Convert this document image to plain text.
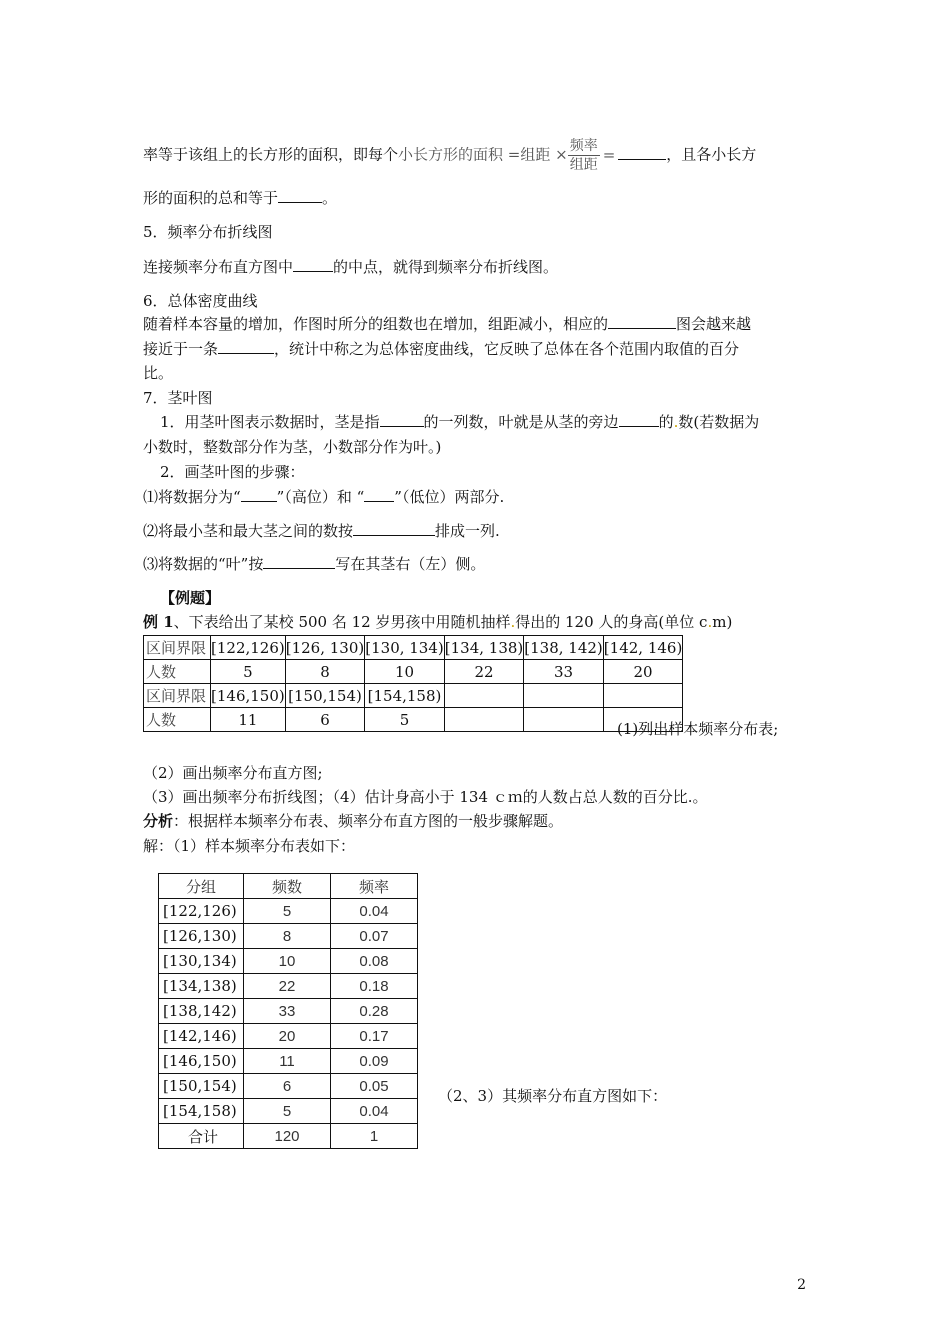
率等于该组上的长方形的面积，即每个小长方形的面积 =组距 × $\frac{\text{频率}}{\text{组距}}$ =	，且各小长方
形的面积的总和等于	。
5．频率分布折线图
连接频率分布直方图中	的中点，就得到频率分布折线图。
6．总体密度曲线
随着样本容量的增加，作图时所分的组数也在增加，组距减小，相应的	图会越来越
接近于一条	，统计中称之为总体密度曲线，它反映了总体在各个范围内取值的百分
比。
7．茎叶图
1．用茎叶图表示数据时，茎是指	的一列数，叶就是从茎的旁边	的.数(若数据为
小数时，整数部分作为茎，小数部分作为叶。)
2．画茎叶图的步骤：
⑴将数据分为“ ”（高位）和 “ ”（低位）两部分.
⑵将最小茎和最大茎之间的数按	排成一列.
⑶将数据的“叶”按	写在其茎右（左）侧。
【例题】
例 1、下表给出了某校 500 名 12 岁男孩中用随机抽样.得出的 120 人的身高(单位 c.m)
区间界限	[122,126)	[126, 130)	[130, 134)	[134, 138)	[138, 142)	[142, 146)
人数	5	8	10	22	33	20
区间界限	[146,150)	[150,154)	[154,158)			
人数	11	6	5			
(1)列出样本频率分布表;
（2）画出频率分布直方图;
（3）画出频率分布折线图；（4）估计身高小于 134 ｃｍ的人数占总人数的百分比.。
分析：根据样本频率分布表、频率分布直方图的一般步骤解题。
解：（1）样本频率分布表如下：
分组	频数	频率
[122,126)	5	0.04
[126,130)	8	0.07
[130,134)	10	0.08
[134,138)	22	0.18
[138,142)	33	0.28
[142,146)	20	0.17
[146,150)	11	0.09
[150,154)	6	0.05
[154,158)	5	0.04
合计	120	1
（2、3）其频率分布直方图如下：
2
